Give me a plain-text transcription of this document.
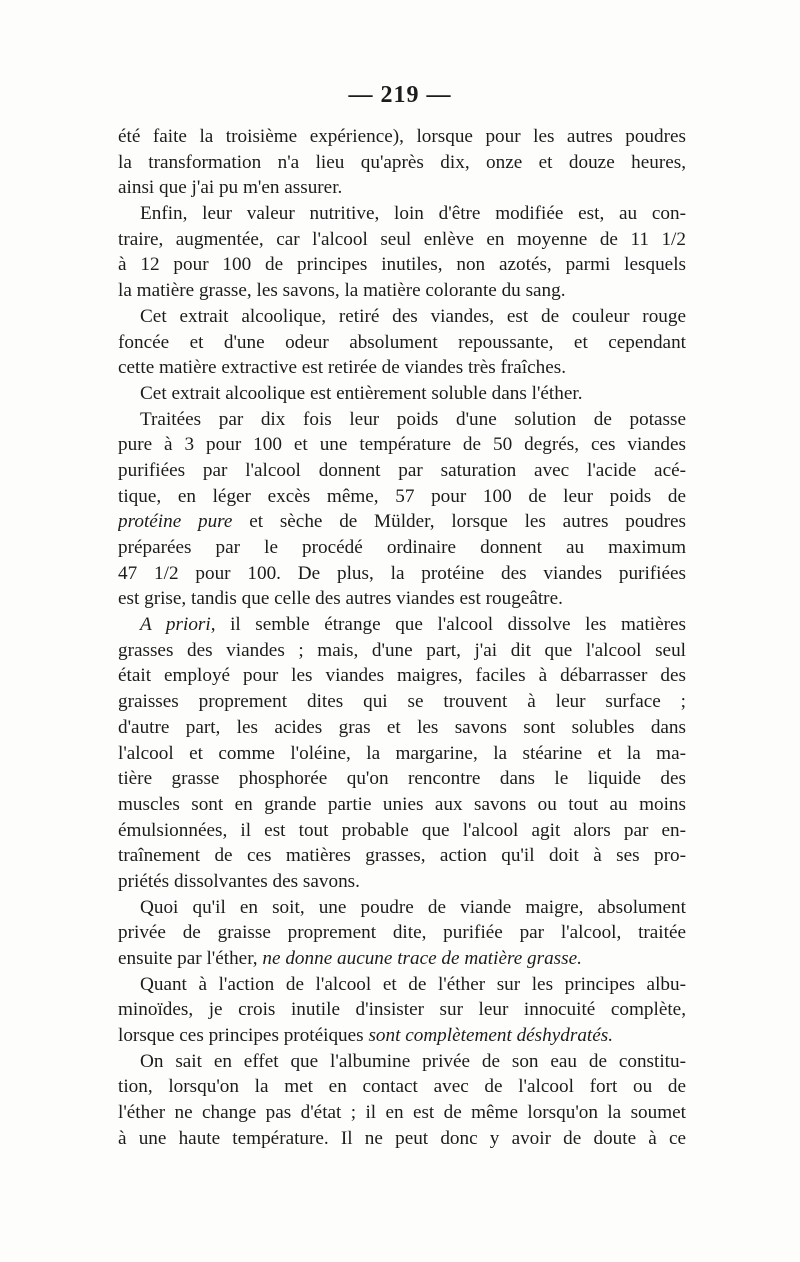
— 219 —
été faite la troisième expérience), lorsque pour les autres poudres
la transformation n'a lieu qu'après dix, onze et douze heures,
ainsi que j'ai pu m'en assurer.
Enfin, leur valeur nutritive, loin d'être modifiée est, au con-
traire, augmentée, car l'alcool seul enlève en moyenne de 11 1/2
à 12 pour 100 de principes inutiles, non azotés, parmi lesquels
la matière grasse, les savons, la matière colorante du sang.
Cet extrait alcoolique, retiré des viandes, est de couleur rouge
foncée et d'une odeur absolument repoussante, et cependant
cette matière extractive est retirée de viandes très fraîches.
Cet extrait alcoolique est entièrement soluble dans l'éther.
Traitées par dix fois leur poids d'une solution de potasse
pure à 3 pour 100 et une température de 50 degrés, ces viandes
purifiées par l'alcool donnent par saturation avec l'acide acé-
tique, en léger excès même, 57 pour 100 de leur poids de
protéine pure et sèche de Mülder, lorsque les autres poudres
préparées par le procédé ordinaire donnent au maximum
47 1/2 pour 100. De plus, la protéine des viandes purifiées
est grise, tandis que celle des autres viandes est rougeâtre.
A priori, il semble étrange que l'alcool dissolve les matières
grasses des viandes ; mais, d'une part, j'ai dit que l'alcool seul
était employé pour les viandes maigres, faciles à débarrasser des
graisses proprement dites qui se trouvent à leur surface ;
d'autre part, les acides gras et les savons sont solubles dans
l'alcool et comme l'oléine, la margarine, la stéarine et la ma-
tière grasse phosphorée qu'on rencontre dans le liquide des
muscles sont en grande partie unies aux savons ou tout au moins
émulsionnées, il est tout probable que l'alcool agit alors par en-
traînement de ces matières grasses, action qu'il doit à ses pro-
priétés dissolvantes des savons.
Quoi qu'il en soit, une poudre de viande maigre, absolument
privée de graisse proprement dite, purifiée par l'alcool, traitée
ensuite par l'éther, ne donne aucune trace de matière grasse.
Quant à l'action de l'alcool et de l'éther sur les principes albu-
minoïdes, je crois inutile d'insister sur leur innocuité complète,
lorsque ces principes protéiques sont complètement déshydratés.
On sait en effet que l'albumine privée de son eau de constitu-
tion, lorsqu'on la met en contact avec de l'alcool fort ou de
l'éther ne change pas d'état ; il en est de même lorsqu'on la soumet
à une haute température. Il ne peut donc y avoir de doute à ce
